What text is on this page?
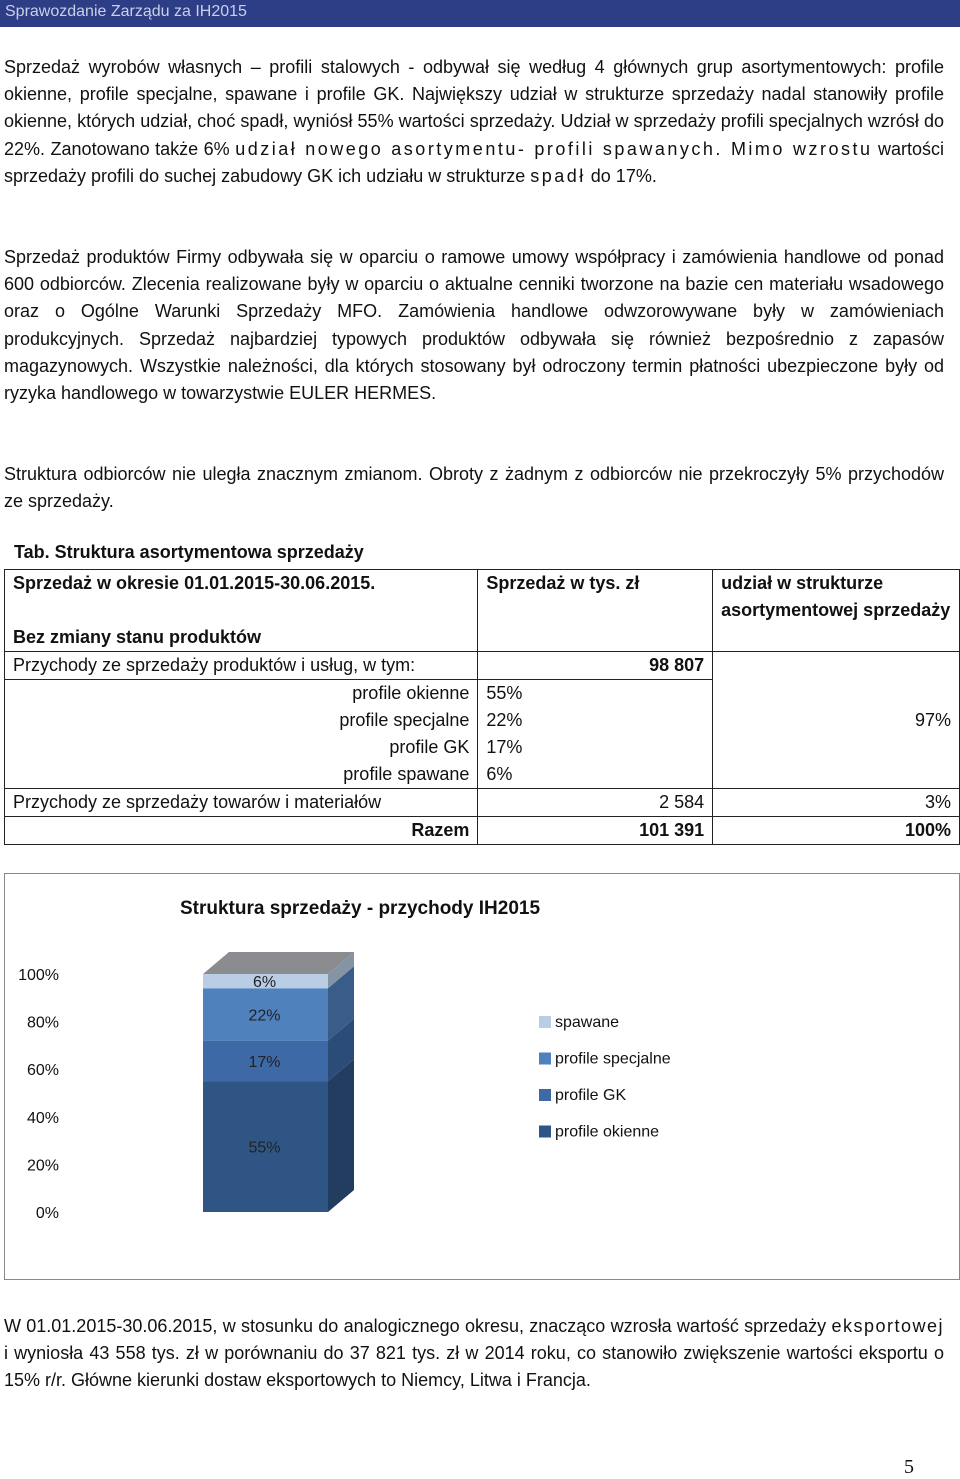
Sprawozdanie Zarządu za IH2015

Sprzedaż wyrobów własnych – profili stalowych - odbywał się według 4 głównych grup asortymentowych: profile okienne, profile specjalne, spawane i profile GK. Największy udział w strukturze sprzedaży nadal stanowiły profile okienne, których udział, choć spadł, wyniósł 55% wartości sprzedaży. Udział w sprzedaży profili specjalnych wzrósł do 22%. Zanotowano także 6% udział nowego asortymentu- profili spawanych. Mimo wzrostu wartości sprzedaży profili do suchej zabudowy GK ich udziału w strukturze spadł do 17%.

Sprzedaż produktów Firmy odbywała się w oparciu o ramowe umowy współpracy i zamówienia handlowe od ponad 600 odbiorców. Zlecenia realizowane były w oparciu o aktualne cenniki tworzone na bazie cen materiału wsadowego oraz o Ogólne Warunki Sprzedaży MFO. Zamówienia handlowe odwzorowywane były w zamówieniach produkcyjnych. Sprzedaż najbardziej typowych produktów odbywała się również bezpośrednio z zapasów magazynowych. Wszystkie należności, dla których stosowany był odroczony termin płatności ubezpieczone były od ryzyka handlowego w towarzystwie EULER HERMES.

Struktura odbiorców nie uległa znacznym zmianom. Obroty z żadnym z odbiorców nie przekroczyły 5% przychodów ze sprzedaży.

Tab. Struktura asortymentowa sprzedaży
Sprzedaż w okresie 01.01.2015-30.06.2015.
Bez zmiany stanu produktów	Sprzedaż w tys. zł	udział w strukturze asortymentowej sprzedaży
Przychody ze sprzedaży produktów i usług, w tym:	98 807	97%
profile okienne	55%	
profile specjalne	22%	
profile GK	17%	
profile spawane	6%	
Przychody ze sprzedaży towarów i materiałów	2 584	3%
Razem	101 391	100%
Struktura sprzedaży - przychody IH2015
0%
20%
40%
60%
80%
100%
55%
17%
22%
6%
spawane
profile specjalne
profile GK
profile okienne

W 01.01.2015-30.06.2015, w stosunku do analogicznego okresu, znacząco wzrosła wartość sprzedaży eksportowej i wyniosła 43 558 tys. zł w porównaniu do 37 821 tys. zł w 2014 roku, co stanowiło zwiększenie wartości eksportu o 15% r/r. Główne kierunki dostaw eksportowych to Niemcy, Litwa i Francja.

5
